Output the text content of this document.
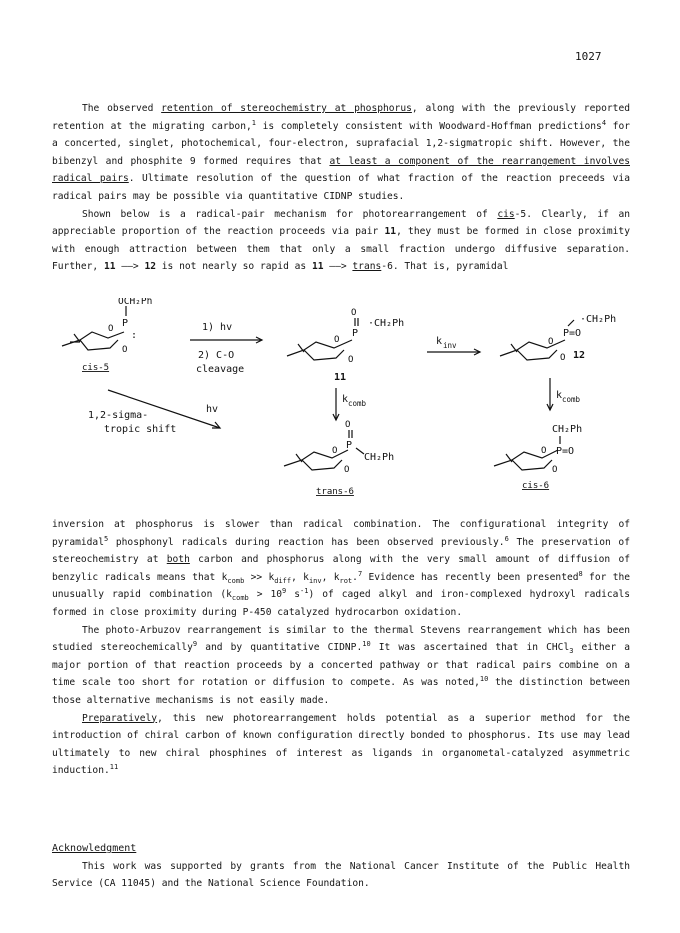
1027

The observed retention of stereochemistry at phosphorus, along with the previously reported retention at the migrating carbon,$^1$ is completely consistent with Woodward-Hoffman predictions$^4$ for a concerted, singlet, photochemical, four-electron, suprafacial 1,2-sigmatropic shift. However, the bibenzyl and phosphite 9 formed requires that at least a component of the rearrangement involves radical pairs. Ultimate resolution of the question of what fraction of the reaction preceeds via radical pairs may be possible via quantitative CIDNP studies.

Shown below is a radical-pair mechanism for photorearrangement of cis-5. Clearly, if an appreciable proportion of the reaction proceeds via pair 11, they must be formed in close proximity with enough attraction between them that only a small fraction undergo diffusive separation. Further, 11 ——> 12 is not nearly so rapid as 11 ——> trans-6. That is, pyramidal

P
:
O
O
OCH₂Ph
cis-5
1) hv
2) C-O
cleavage
P
O
O
O
·CH₂Ph
11
k inv
P=O
O
O
·CH₂Ph
12
hv
1,2-sigma-
tropic shift
k comb
k comb
P
O
O
O
CH₂Ph
trans-6
P=O
O
O
CH₂Ph
cis-6

inversion at phosphorus is slower than radical combination. The configurational integrity of pyramidal$^5$ phosphonyl radicals during reaction has been observed previously.$^6$ The preservation of stereochemistry at both carbon and phosphorus along with the very small amount of diffusion of benzylic radicals means that $k_{comb} >> k_{diff}$, $k_{inv}$, $k_{rot}.^7$ Evidence has recently been presented$^8$ for the unusually rapid combination ($k_{comb} > 10^9$ $s^{-1}$) of caged alkyl and iron-complexed hydroxyl radicals formed in close proximity during P-450 catalyzed hydrocarbon oxidation.

The photo-Arbuzov rearrangement is similar to the thermal Stevens rearrangement which has been studied stereochemically$^9$ and by quantitative CIDNP.$^{10}$ It was ascertained that in CHCl$_3$ either a major portion of that reaction proceeds by a concerted pathway or that radical pairs combine on a time scale too short for rotation or diffusion to compete. As was noted,$^{10}$ the distinction between those alternative mechanisms is not easily made.

Preparatively, this new photorearrangement holds potential as a superior method for the introduction of chiral carbon of known configuration directly bonded to phosphorus. Its use may lead ultimately to new chiral phosphines of interest as ligands in organometal-catalyzed asymmetric induction.$^{11}$

Acknowledgment

This work was supported by grants from the National Cancer Institute of the Public Health Service (CA 11045) and the National Science Foundation.
